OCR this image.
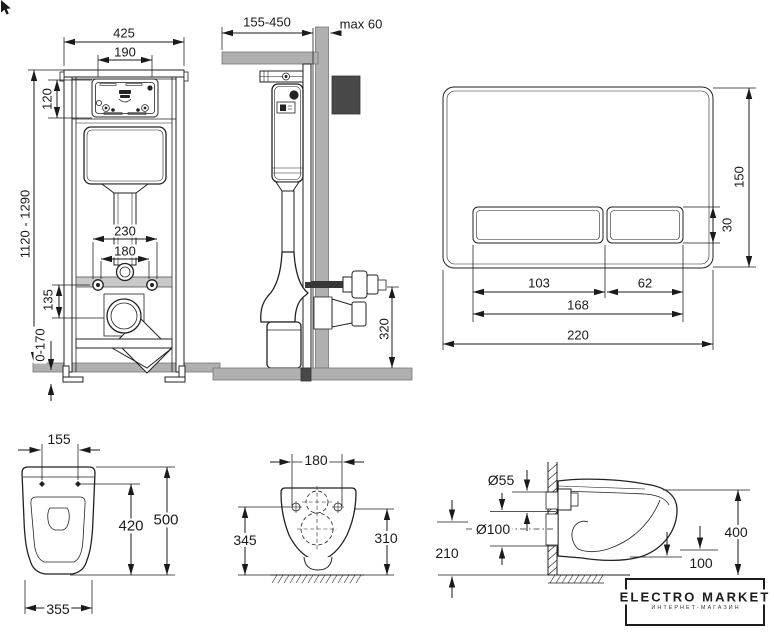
425
190
120
1120 - 1290	230
180
135
0-170
155-450	max 60
320
150
30
103	62
168
220
155
420 500
355
180
345	310
Ø55
Ø100
210
400
100
ELECTRO MARKET
ИНТЕРНЕТ-МАГАЗИН
